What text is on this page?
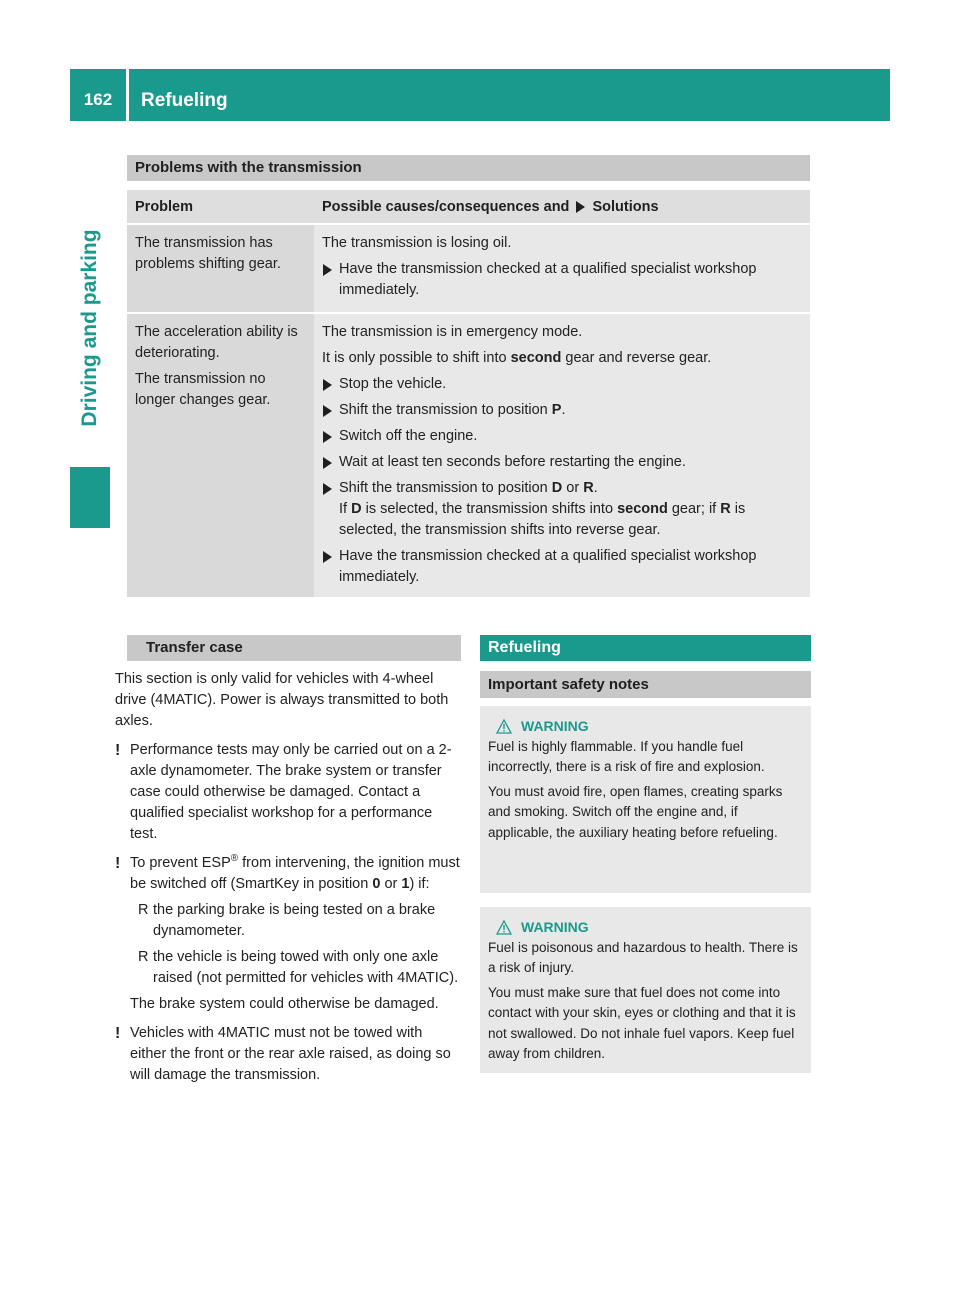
162	Refueling
Driving and parking
Problems with the transmission
Problem	Possible causes/consequences and Solutions

The transmission has problems shifting gear.

The transmission is losing oil.
Have the transmission checked at a qualified specialist workshop immediately.

The acceleration ability is deteriorating.

The transmission no longer changes gear.

The transmission is in emergency mode.
It is only possible to shift into second gear and reverse gear.
Stop the vehicle.
Shift the transmission to position P.
Switch off the engine.
Wait at least ten seconds before restarting the engine.
Shift the transmission to position D or R.
If D is selected, the transmission shifts into second gear; if R is selected, the transmission shifts into reverse gear.
Have the transmission checked at a qualified specialist workshop immediately.
Transfer case
This section is only valid for vehicles with 4-wheel drive (4MATIC). Power is always transmitted to both axles.
! Performance tests may only be carried out on a 2-axle dynamometer. The brake system or transfer case could otherwise be damaged. Contact a qualified specialist workshop for a performance test.
! To prevent ESP® from intervening, the ignition must be switched off (SmartKey in position 0 or 1) if:
R the parking brake is being tested on a brake dynamometer.
R the vehicle is being towed with only one axle raised (not permitted for vehicles with 4MATIC).
The brake system could otherwise be damaged.
! Vehicles with 4MATIC must not be towed with either the front or the rear axle raised, as doing so will damage the transmission.
Refueling
Important safety notes
WARNING

Fuel is highly flammable. If you handle fuel incorrectly, there is a risk of fire and explosion.

You must avoid fire, open flames, creating sparks and smoking. Switch off the engine and, if applicable, the auxiliary heating before refueling.

WARNING

Fuel is poisonous and hazardous to health. There is a risk of injury.

You must make sure that fuel does not come into contact with your skin, eyes or clothing and that it is not swallowed. Do not inhale fuel vapors. Keep fuel away from children.
